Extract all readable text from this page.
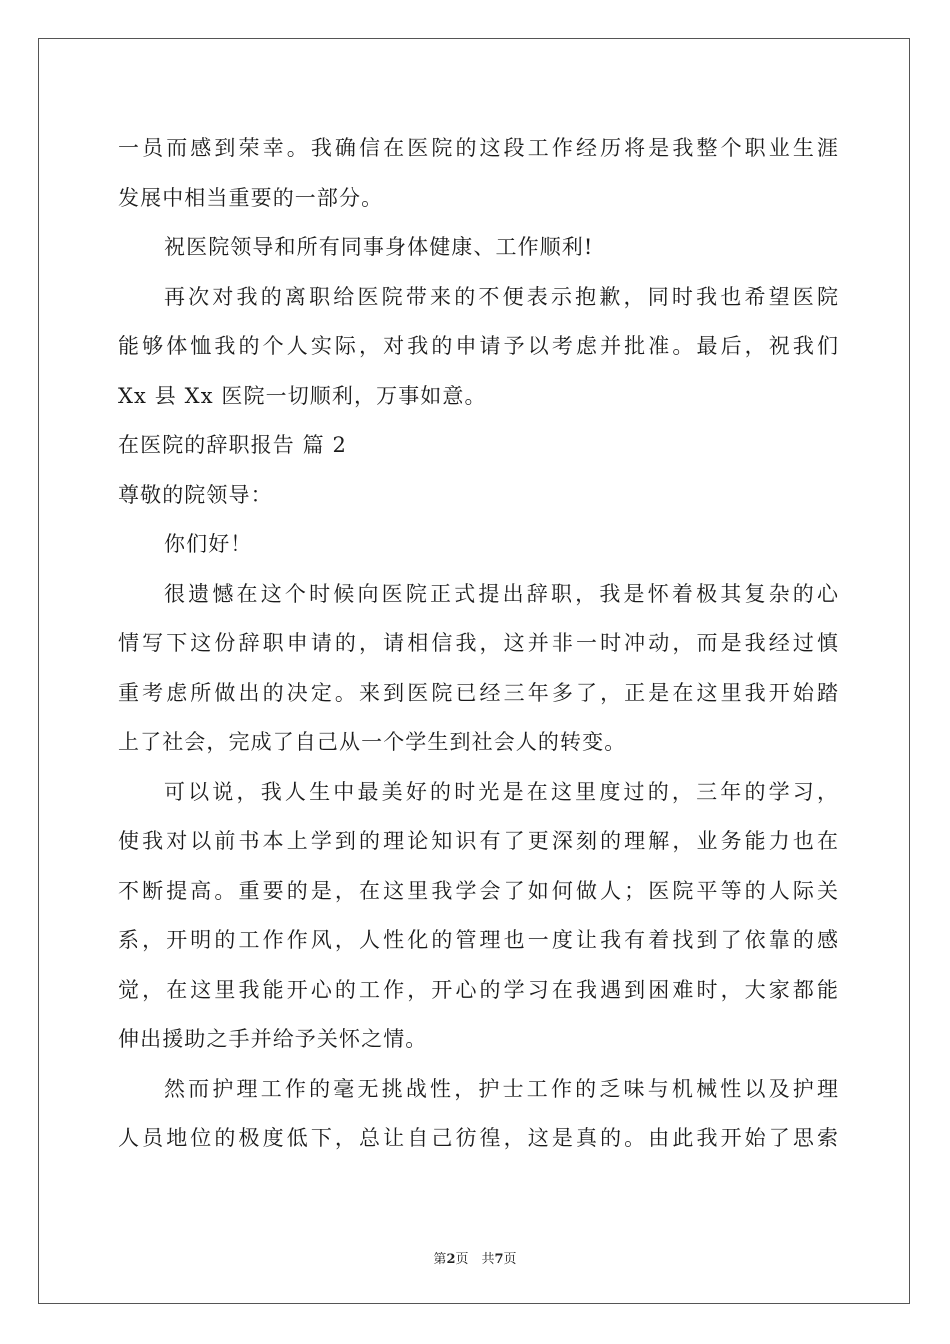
一员而感到荣幸。我确信在医院的这段工作经历将是我整个职业生涯
发展中相当重要的一部分。
祝医院领导和所有同事身体健康、工作顺利!
再次对我的离职给医院带来的不便表示抱歉，同时我也希望医院
能够体恤我的个人实际，对我的申请予以考虑并批准。最后，祝我们
Xx 县 Xx 医院一切顺利，万事如意。
在医院的辞职报告 篇 2
尊敬的院领导：
你们好！
很遗憾在这个时候向医院正式提出辞职，我是怀着极其复杂的心
情写下这份辞职申请的，请相信我，这并非一时冲动，而是我经过慎
重考虑所做出的决定。来到医院已经三年多了，正是在这里我开始踏
上了社会，完成了自己从一个学生到社会人的转变。
可以说，我人生中最美好的时光是在这里度过的，三年的学习，
使我对以前书本上学到的理论知识有了更深刻的理解，业务能力也在
不断提高。重要的是，在这里我学会了如何做人；医院平等的人际关
系，开明的工作作风，人性化的管理也一度让我有着找到了依靠的感
觉，在这里我能开心的工作，开心的学习在我遇到困难时，大家都能
伸出援助之手并给予关怀之情。
然而护理工作的毫无挑战性，护士工作的乏味与机械性以及护理
人员地位的极度低下，总让自己彷徨，这是真的。由此我开始了思索
第2页　共7页
